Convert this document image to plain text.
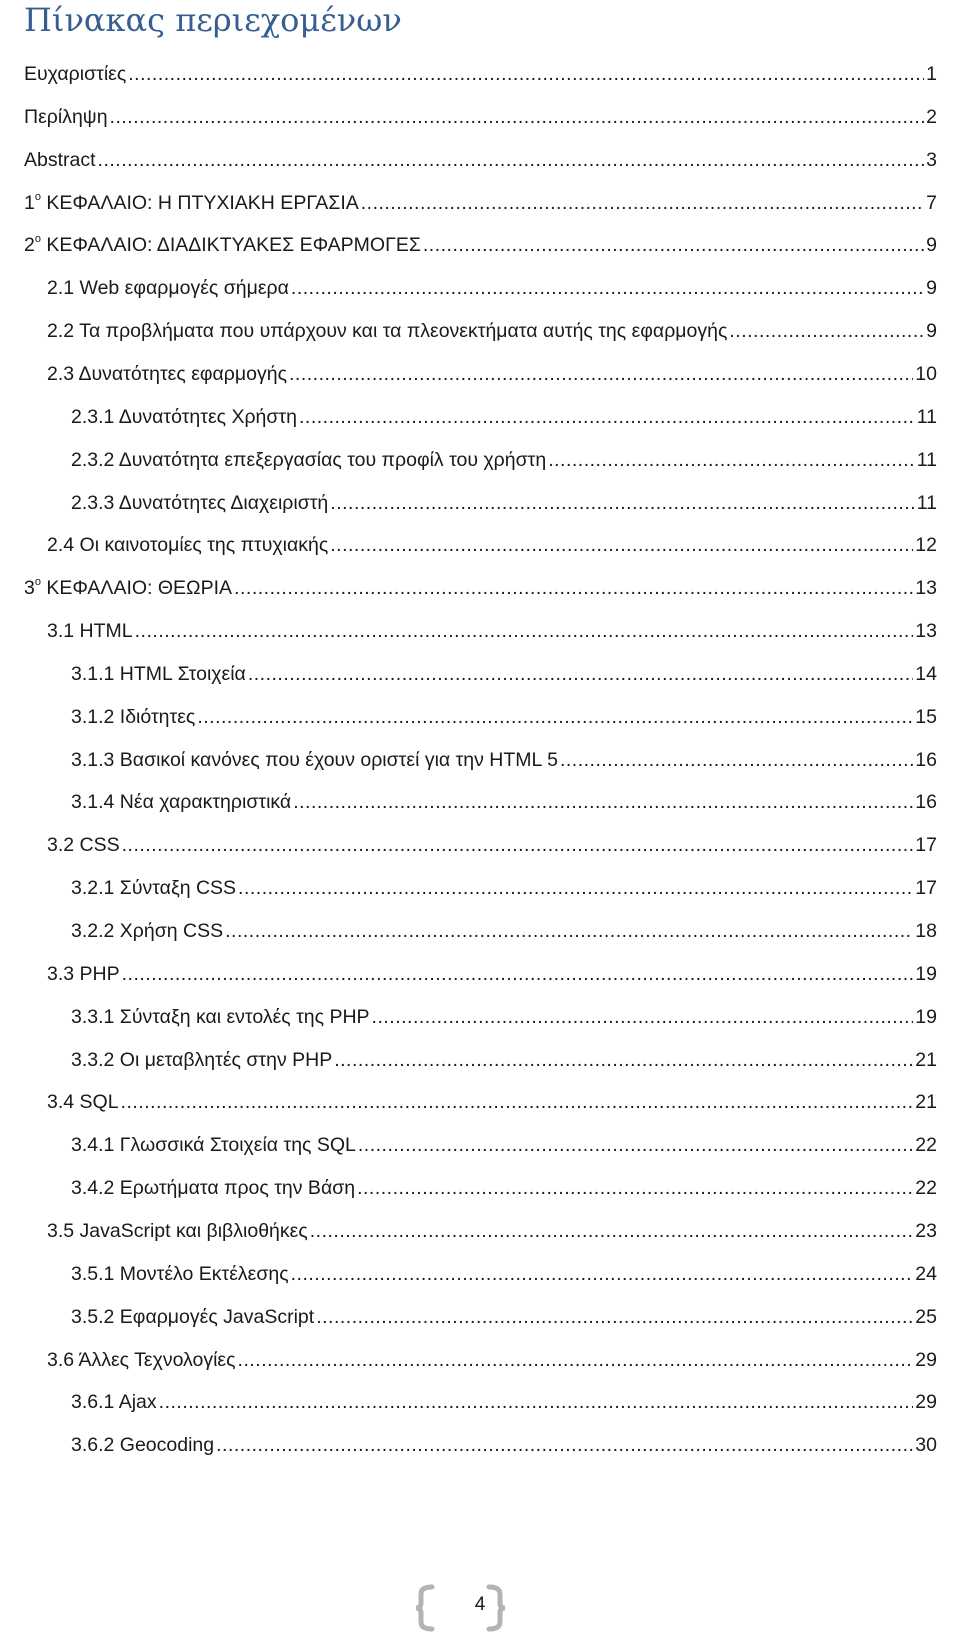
Πίνακας περιεχομένων
Ευχαριστίες .....	1
Περίληψη .....	2
Abstract .....	3
$1^o$ ΚΕΦΑΛΑΙΟ: Η ΠΤΥΧΙΑΚΗ ΕΡΓΑΣΙΑ .....	7
$2^o$ ΚΕΦΑΛΑΙΟ: ΔΙΑΔΙΚΤΥΑΚΕΣ ΕΦΑΡΜΟΓΕΣ .....	9
2.1 Web εφαρμογές σήμερα .....	9
2.2 Τα προβλήματα που υπάρχουν και τα πλεονεκτήματα αυτής της εφαρμογής .....	9
2.3 Δυνατότητες εφαρμογής .....	10
2.3.1 Δυνατότητες Χρήστη .....	11
2.3.2 Δυνατότητα επεξεργασίας του προφίλ του χρήστη .....	11
2.3.3 Δυνατότητες Διαχειριστή .....	11
2.4 Οι καινοτομίες της πτυχιακής .....	12
$3^o$ ΚΕΦΑΛΑΙΟ: ΘΕΩΡΙΑ .....	13
3.1 HTML .....	13
3.1.1 HTML Στοιχεία .....	14
3.1.2 Ιδιότητες .....	15
3.1.3 Βασικοί κανόνες που έχουν οριστεί για την HTML 5 .....	16
3.1.4 Νέα χαρακτηριστικά .....	16
3.2 CSS .....	17
3.2.1 Σύνταξη CSS .....	17
3.2.2 Χρήση CSS .....	18
3.3 PHP .....	19
3.3.1 Σύνταξη και εντολές της PHP .....	19
3.3.2 Οι μεταβλητές στην PHP .....	21
3.4 SQL .....	21
3.4.1 Γλωσσικά Στοιχεία της SQL .....	22
3.4.2 Ερωτήματα προς την Βάση .....	22
3.5 JavaScript και βιβλιοθήκες .....	23
3.5.1 Μοντέλο Εκτέλεσης .....	24
3.5.2 Εφαρμογές JavaScript .....	25
3.6 Άλλες Τεχνολογίες .....	29
3.6.1 Ajax .....	29
3.6.2 Geocoding .....	30
4
